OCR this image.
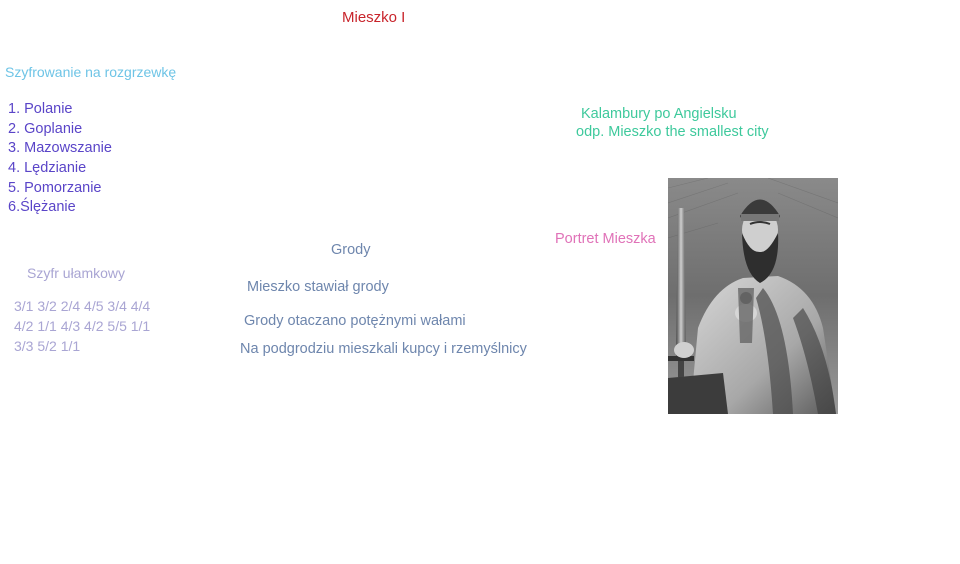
Mieszko I
Szyfrowanie na rozgrzewkę
1. Polanie
2. Goplanie
3. Mazowszanie
4. Lędzianie
5. Pomorzanie
6.Ślężanie
Szyfr ułamkowy
3/1 3/2 2/4 4/5 3/4 4/4
4/2 1/1 4/3 4/2 5/5 1/1
3/3 5/2 1/1
Grody
Mieszko stawiał grody
Grody otaczano potężnymi wałami
Na podgrodziu mieszkali kupcy i rzemyślnicy
Kalambury po Angielsku
odp. Mieszko the smallest city
Portret Mieszka
